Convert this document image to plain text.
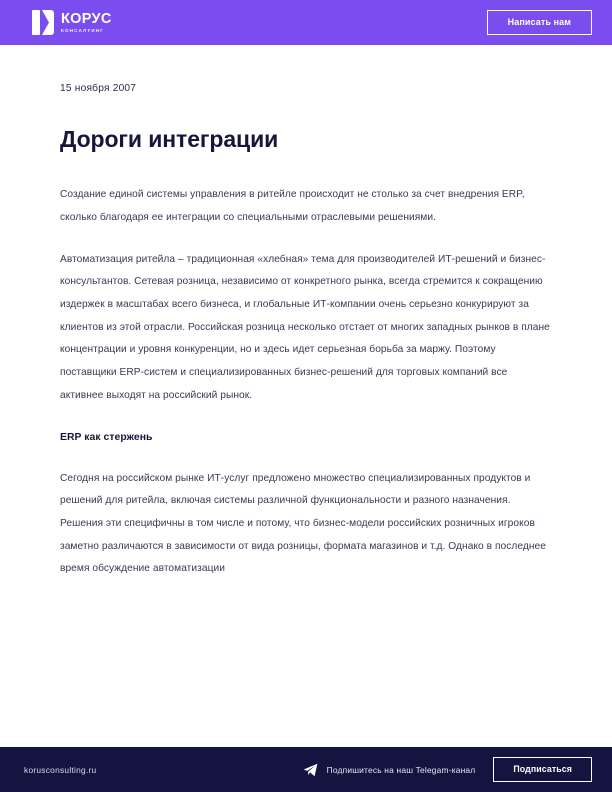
КОРУС
КОНСАЛТИНГ
Написать нам
15 ноября 2007
Дороги интеграции

Создание единой системы управления в ритейле происходит не столько за счет внедрения ERP, сколько благодаря ее интеграции со специальными отраслевыми решениями.

Автоматизация ритейла – традиционная «хлебная» тема для производителей ИТ-решений и бизнес-консультантов. Сетевая розница, независимо от конкретного рынка, всегда стремится к сокращению издержек в масштабах всего бизнеса, и глобальные ИТ-компании очень серьезно конкурируют за клиентов из этой отрасли. Российская розница несколько отстает от многих западных рынков в плане концентрации и уровня конкуренции, но и здесь идет серьезная борьба за маржу. Поэтому поставщики ERP-систем и специализированных бизнес-решений для торговых компаний все активнее выходят на российский рынок.

ERP как стержень

Сегодня на российском рынке ИТ-услуг предложено множество специализированных продуктов и решений для ритейла, включая системы различной функциональности и разного назначения. Решения эти специфичны в том числе и потому, что бизнес-модели российских розничных игроков заметно различаются в зависимости от вида розницы, формата магазинов и т.д. Однако в последнее время обсуждение автоматизации

korusconsulting.ru	Подпишитесь на наш Telegam-канал	Подписаться
